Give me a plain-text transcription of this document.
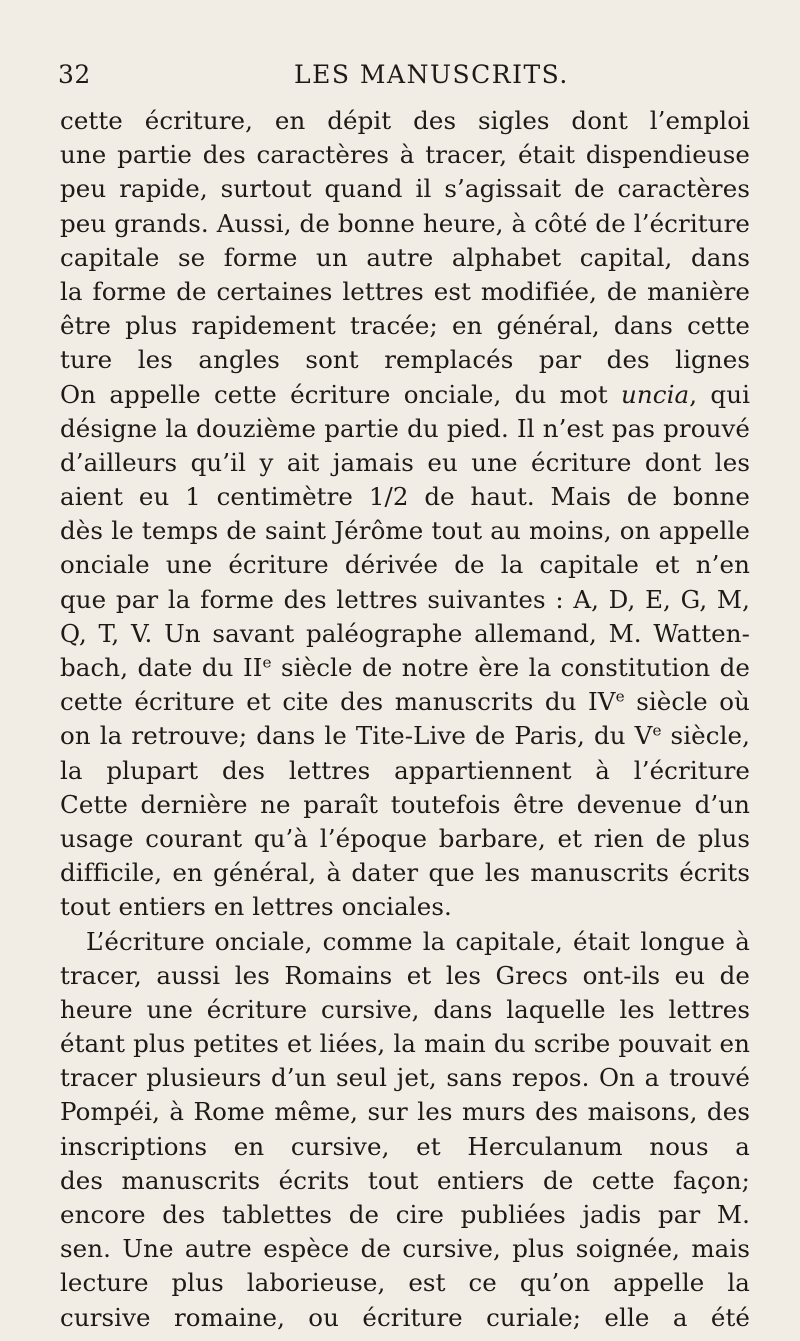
32	LES MANUSCRITS.
cette écriture, en dépit des sigles dont l’emploi
une partie des caractères à tracer, était dispendieuse
peu rapide, surtout quand il s’agissait de caractères
peu grands. Aussi, de bonne heure, à côté de l’écriture
capitale se forme un autre alphabet capital, dans
la forme de certaines lettres est modifiée, de manière
être plus rapidement tracée; en général, dans cette
ture les angles sont remplacés par des lignes
On appelle cette écriture onciale, du mot uncia, qui
désigne la douzième partie du pied. Il n’est pas prouvé
d’ailleurs qu’il y ait jamais eu une écriture dont les
aient eu 1 centimètre 1/2 de haut. Mais de bonne
dès le temps de saint Jérôme tout au moins, on appelle
onciale une écriture dérivée de la capitale et n’en
que par la forme des lettres suivantes : A, D, E, G, M,
Q, T, V. Un savant paléographe allemand, M. Watten-
bach, date du IIe siècle de notre ère la constitution de
cette écriture et cite des manuscrits du IVe siècle où
on la retrouve; dans le Tite-Live de Paris, du Ve siècle,
la plupart des lettres appartiennent à l’écriture
Cette dernière ne paraît toutefois être devenue d’un
usage courant qu’à l’époque barbare, et rien de plus
difficile, en général, à dater que les manuscrits écrits
tout entiers en lettres onciales.
L’écriture onciale, comme la capitale, était longue à
tracer, aussi les Romains et les Grecs ont-ils eu de
heure une écriture cursive, dans laquelle les lettres
étant plus petites et liées, la main du scribe pouvait en
tracer plusieurs d’un seul jet, sans repos. On a trouvé
Pompéi, à Rome même, sur les murs des maisons, des
inscriptions en cursive, et Herculanum nous a
des manuscrits écrits tout entiers de cette façon;
encore des tablettes de cire publiées jadis par M.
sen. Une autre espèce de cursive, plus soignée, mais
lecture plus laborieuse, est ce qu’on appelle la
cursive romaine, ou écriture curiale; elle a été
